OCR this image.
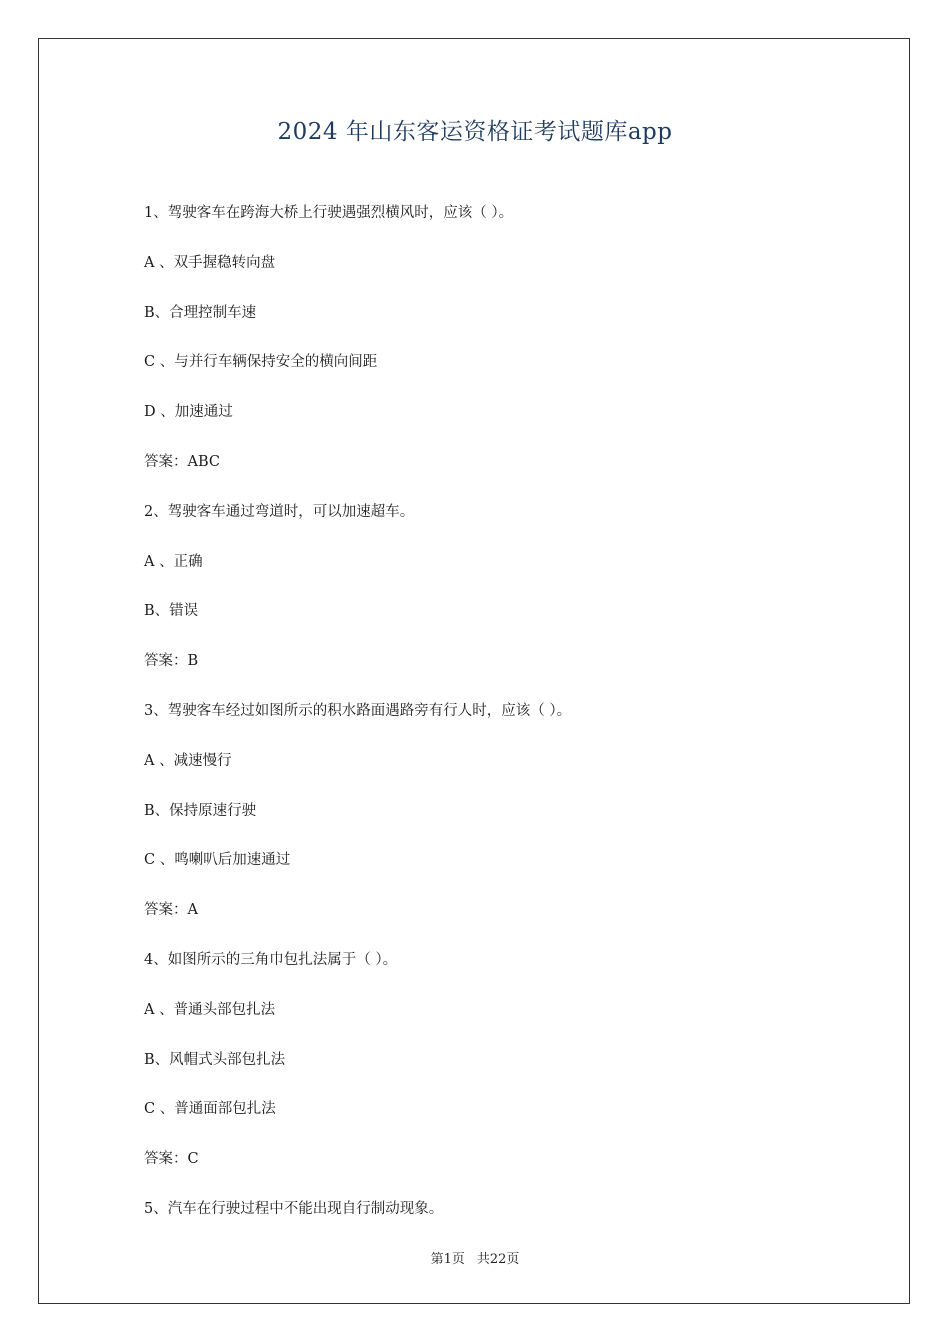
2024 年山东客运资格证考试题库app
1、驾驶客车在跨海大桥上行驶遇强烈横风时，应该（ ）。
A 、双手握稳转向盘
B、合理控制车速
C 、与并行车辆保持安全的横向间距
D 、加速通过
答案：ABC
2、驾驶客车通过弯道时，可以加速超车。
A 、正确
B、错误
答案：B
3、驾驶客车经过如图所示的积水路面遇路旁有行人时，应该（ ）。
A 、减速慢行
B、保持原速行驶
C 、鸣喇叭后加速通过
答案：A
4、如图所示的三角巾包扎法属于（ ）。
A 、普通头部包扎法
B、风帽式头部包扎法
C 、普通面部包扎法
答案：C
5、汽车在行驶过程中不能出现自行制动现象。
第1页 共22页
